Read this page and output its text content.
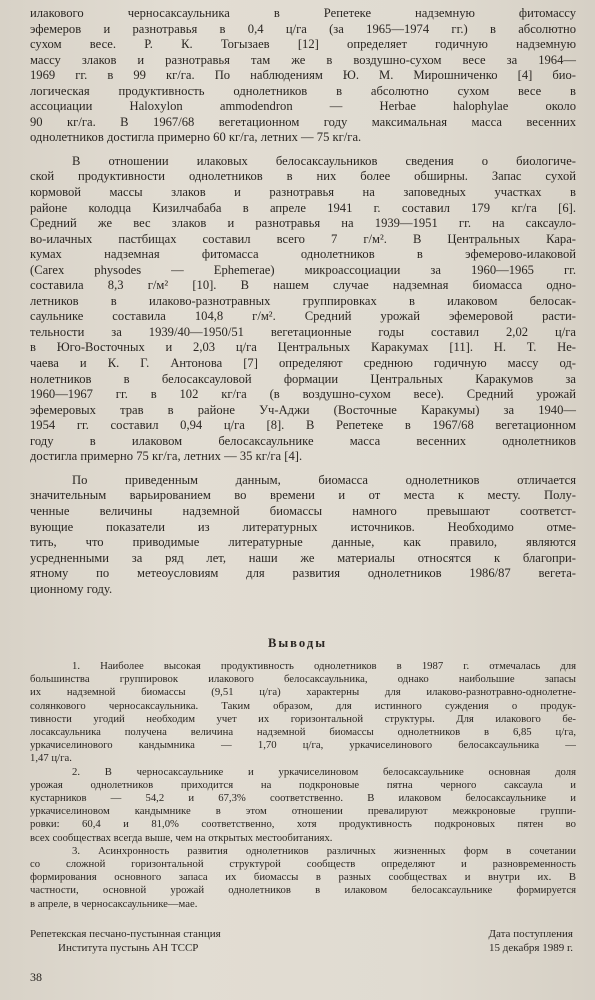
илакового черносаксаульника в Репетеке надземную фитомассу
эфемеров и разнотравья в 0,4 ц/га (за 1965—1974 гг.) в абсолютно
сухом весе. Р. К. Тогызаев [12] определяет годичную надземную
массу злаков и разнотравья там же в воздушно-сухом весе за 1964—
1969 гг. в 99 кг/га. По наблюдениям Ю. М. Мирошниченко [4] био-
логическая продуктивность однолетников в абсолютно сухом весе в
ассоциации Haloxylon ammodendron — Herbae halophylae около
90 кг/га. В 1967/68 вегетационном году максимальная масса весенних
однолетников достигла примерно 60 кг/га, летних — 75 кг/га.

В отношении илаковых белосаксаульников сведения о биологиче-
ской продуктивности однолетников в них более обширны. Запас сухой
кормовой массы злаков и разнотравья на заповедных участках в
районе колодца Кизилчабаба в апреле 1941 г. составил 179 кг/га [6].
Средний же вес злаков и разнотравья на 1939—1951 гг. на саксауло-
во-илачных пастбищах составил всего 7 г/м². В Центральных Кара-
кумах надземная фитомасса однолетников в эфемерово-илаковой
(Carex physodes — Ephemerae) микроассоциации за 1960—1965 гг.
составила 8,3 г/м² [10]. В нашем случае надземная биомасса однo-
летников в илаково-разнотравных группировках в илаковом белосак-
саульнике составила 104,8 г/м². Средний урожай эфемеровой расти-
тельности за 1939/40—1950/51 вегетационные годы составил 2,02 ц/га
в Юго-Восточных и 2,03 ц/га Центральных Каракумах [11]. Н. Т. Не-
чаева и К. Г. Антонова [7] определяют среднюю годичную массу од-
нолетников в белосаксауловой формации Центральных Каракумов за
1960—1967 гг. в 102 кг/га (в воздушно-сухом весе). Средний урожай
эфемеровых трав в районе Уч-Аджи (Восточные Каракумы) за 1940—
1954 гг. составил 0,94 ц/га [8]. В Репетеке в 1967/68 вегетационном
году в илаковом белосаксаульнике масса весенних однолетников
достигла примерно 75 кг/га, летних — 35 кг/га [4].

По приведенным данным, биомасса однолетников отличается
значительным варьированием во времени и от места к месту. Полу-
ченные величины надземной биомассы намного превышают соответст-
вующие показатели из литературных источников. Необходимо отме-
тить, что приводимые литературные данные, как правило, являются
усредненными за ряд лет, наши же материалы относятся к благопри-
ятному по метеоусловиям для развития однолетников 1986/87 вегета-
ционному году.

Выводы

1. Наиболее высокая продуктивность однолетников в 1987 г. отмечалась для
большинства группировок илакового белосаксаульника, однако наибольшие запасы
их надземной биомассы (9,51 ц/га) характерны для илаково-разнотравно-однолетне-
солянкового черносаксаульника. Таким образом, для истинного суждения о продук-
тивности угодий необходим учет их горизонтальной структуры. Для илакового бе-
лосаксаульника получена величина надземной биомассы однолетников в 6,85 ц/га,
уркачиселинового кандымника — 1,70 ц/га, уркачиселинового белосаксаульника —
1,47 ц/га.

2. В черносаксаульнике и уркачиселиновом белосаксаульнике основная доля
урожая однолетников приходится на подкроновые пятна черного саксаула и
кустарников — 54,2 и 67,3% соответственно. В илаковом белосаксаульнике и
уркачиселиновом кандымнике в этом отношении превалируют межкроновые группи-
ровки: 60,4 и 81,0% соответственно, хотя продуктивность подкроновых пятен во
всех сообществах всегда выше, чем на открытых местообитаниях.

3. Асинхронность развития однолетников различных жизненных форм в сочетании
со сложной горизонтальной структурой сообществ определяют и разновременность
формирования основного запаса их биомассы в разных сообществах и внутри их. В
частности, основной урожай однолетников в илаковом белосаксаульнике формируется
в апреле, в черносаксаульнике—мае.

Репетекская песчано-пустынная станция
Института пустынь АН ТССР
Дата поступления
15 декабря 1989 г.
38
